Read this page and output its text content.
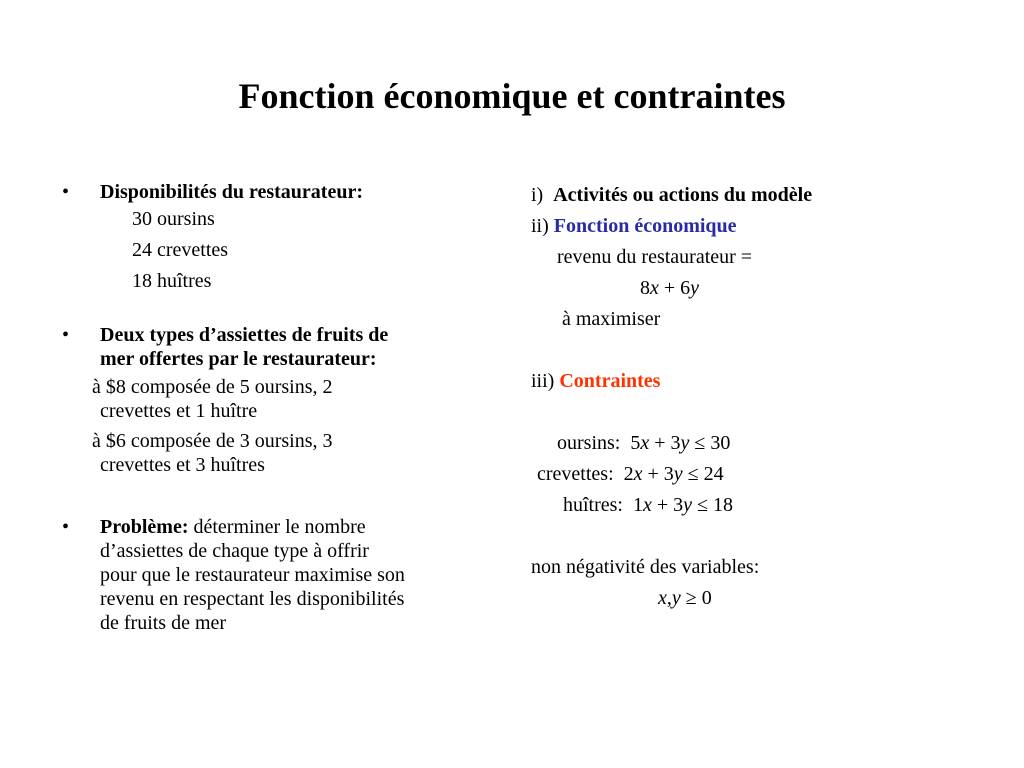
Fonction économique et contraintes
• Disponibilités du restaurateur:
30 oursins
24 crevettes
18 huîtres
• Deux types d’assiettes de fruits de
mer offertes par le restaurateur:
à $8 composée de 5 oursins, 2
crevettes et 1 huître
à $6 composée de 3 oursins, 3
crevettes et 3 huîtres
• Problème: déterminer le nombre
d’assiettes de chaque type à offrir
pour que le restaurateur maximise son
revenu en respectant les disponibilités
de fruits de mer
i)  Activités ou actions du modèle
ii) Fonction économique
revenu du restaurateur =
8x + 6y
à maximiser
iii) Contraintes
oursins:  5x + 3y ≤ 30
crevettes:  2x + 3y ≤ 24
huîtres:  1x + 3y ≤ 18
non négativité des variables:
x,y ≥ 0
